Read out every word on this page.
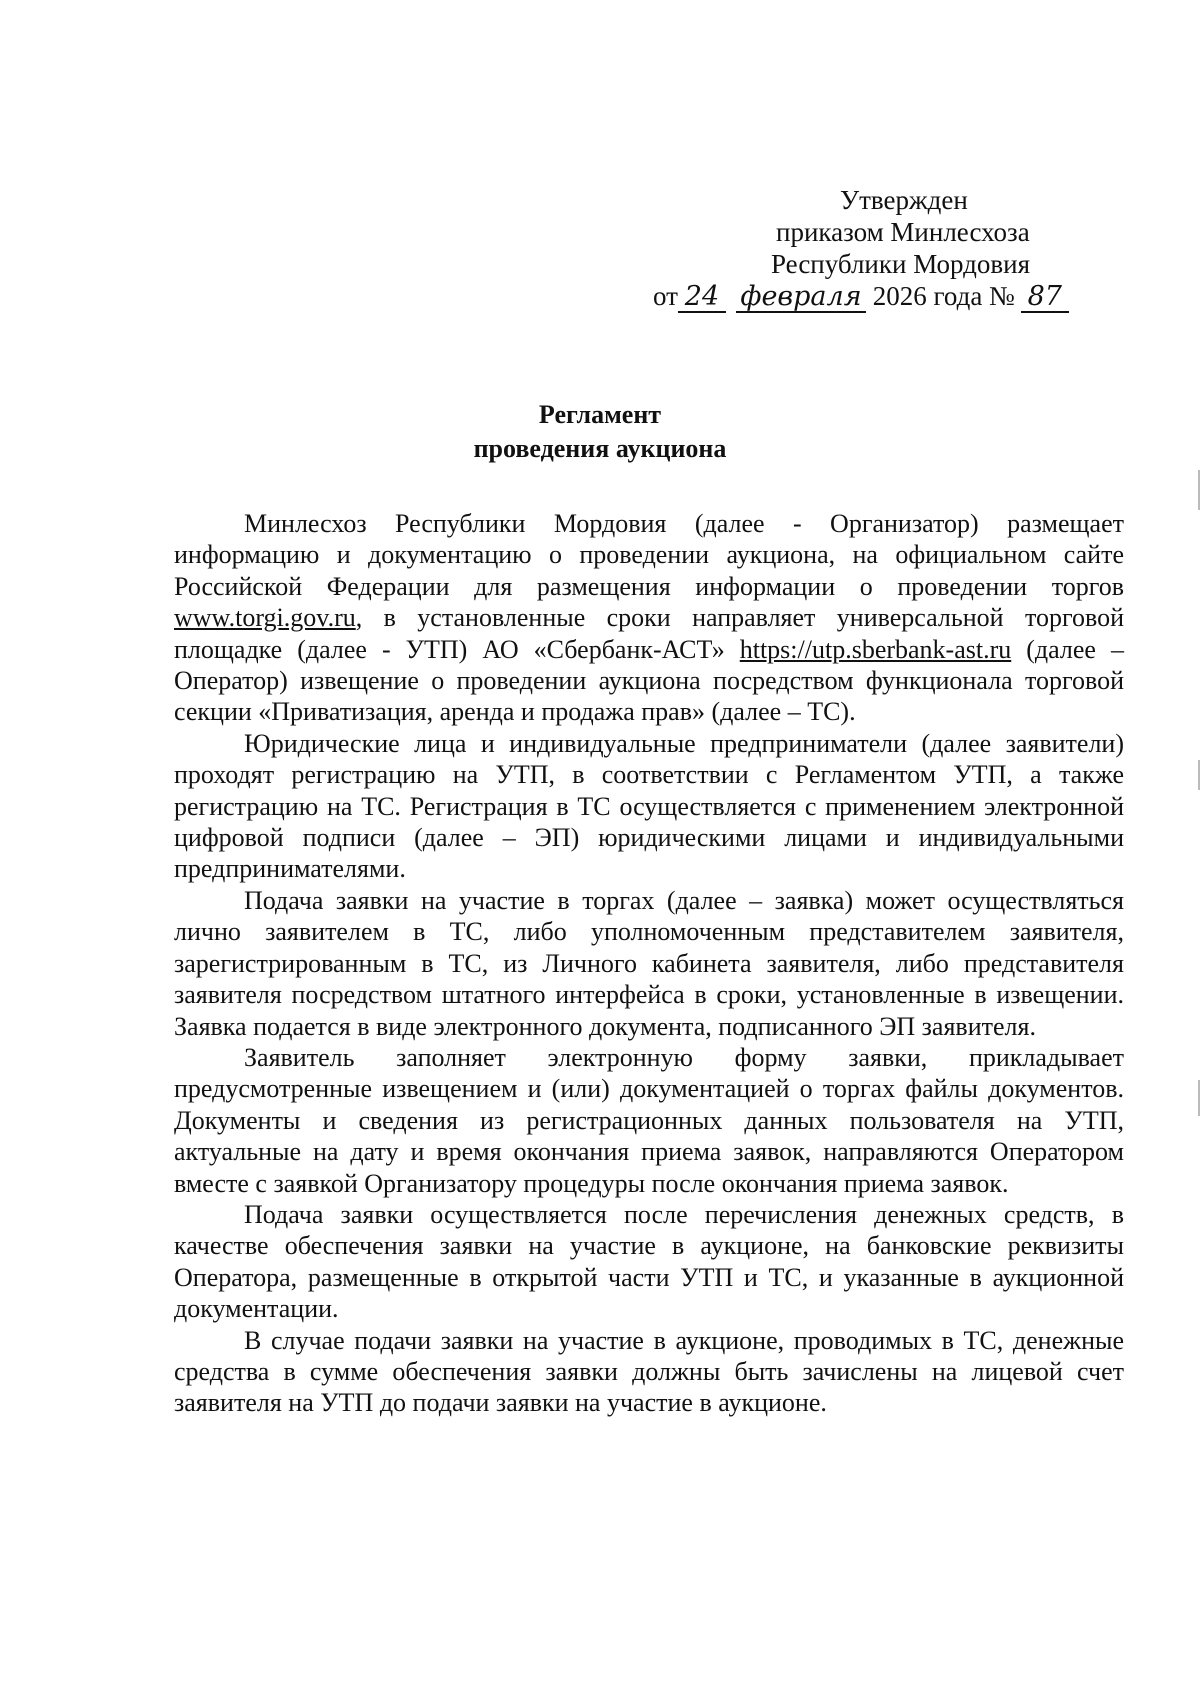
Утвержден
приказом Минлесхоза
Республики Мордовия
от 24 февраля 2026 года № 87
Регламент
проведения аукциона

Минлесхоз Республики Мордовия (далее - Организатор) размещает информацию и документацию о проведении аукциона, на официальном сайте Российской Федерации для размещения информации о проведении торгов www.torgi.gov.ru, в установленные сроки направляет универсальной торговой площадке (далее - УТП) АО «Сбербанк-АСТ» https://utp.sberbank-ast.ru (далее – Оператор) извещение о проведении аукциона посредством функционала торговой секции «Приватизация, аренда и продажа прав» (далее – ТС).

Юридические лица и индивидуальные предприниматели (далее заявители) проходят регистрацию на УТП, в соответствии с Регламентом УТП, а также регистрацию на ТС. Регистрация в ТС осуществляется с применением электронной цифровой подписи (далее – ЭП) юридическими лицами и индивидуальными предпринимателями.

Подача заявки на участие в торгах (далее – заявка) может осуществляться лично заявителем в ТС, либо уполномоченным представителем заявителя, зарегистрированным в ТС, из Личного кабинета заявителя, либо представителя заявителя посредством штатного интерфейса в сроки, установленные в извещении. Заявка подается в виде электронного документа, подписанного ЭП заявителя.

Заявитель заполняет электронную форму заявки, прикладывает предусмотренные извещением и (или) документацией о торгах файлы документов. Документы и сведения из регистрационных данных пользователя на УТП, актуальные на дату и время окончания приема заявок, направляются Оператором вместе с заявкой Организатору процедуры после окончания приема заявок.

Подача заявки осуществляется после перечисления денежных средств, в качестве обеспечения заявки на участие в аукционе, на банковские реквизиты Оператора, размещенные в открытой части УТП и ТС, и указанные в аукционной документации.

В случае подачи заявки на участие в аукционе, проводимых в ТС, денежные средства в сумме обеспечения заявки должны быть зачислены на лицевой счет заявителя на УТП до подачи заявки на участие в аукционе.
